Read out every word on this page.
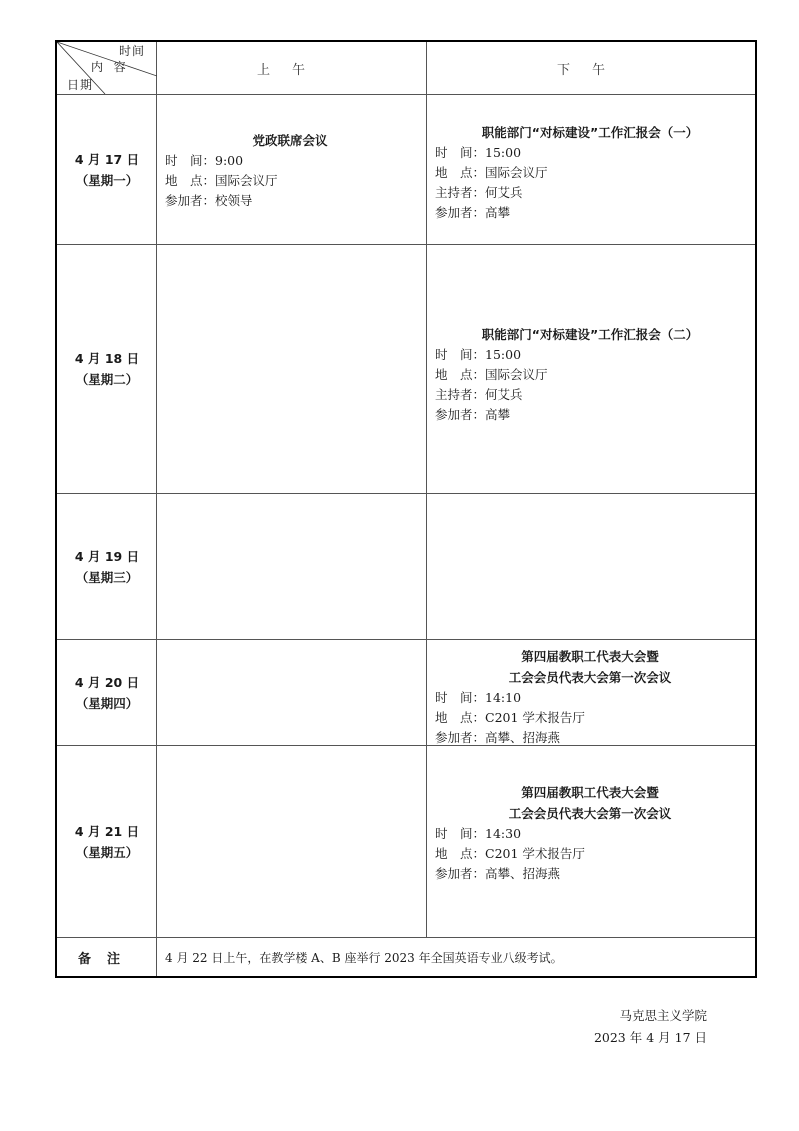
时间
内  容
日期
上午	下午
4 月 17 日
（星期一）
党政联席会议
时　间：9:00
地　点：国际会议厅
参加者：校领导
职能部门“对标建设”工作汇报会（一）
时　间：15:00
地　点：国际会议厅
主持者：何艾兵
参加者：高攀
4 月 18 日
（星期二）
职能部门“对标建设”工作汇报会（二）
时　间：15:00
地　点：国际会议厅
主持者：何艾兵
参加者：高攀
4 月 19 日
（星期三）
4 月 20 日
（星期四）
第四届教职工代表大会暨
工会会员代表大会第一次会议
时　间：14:10
地　点：C201 学术报告厅
参加者：高攀、招海燕
4 月 21 日
（星期五）
第四届教职工代表大会暨
工会会员代表大会第一次会议
时　间：14:30
地　点：C201 学术报告厅
参加者：高攀、招海燕
备注	4 月 22 日上午，在教学楼 A、B 座举行 2023 年全国英语专业八级考试。
马克思主义学院
2023 年 4 月 17 日
